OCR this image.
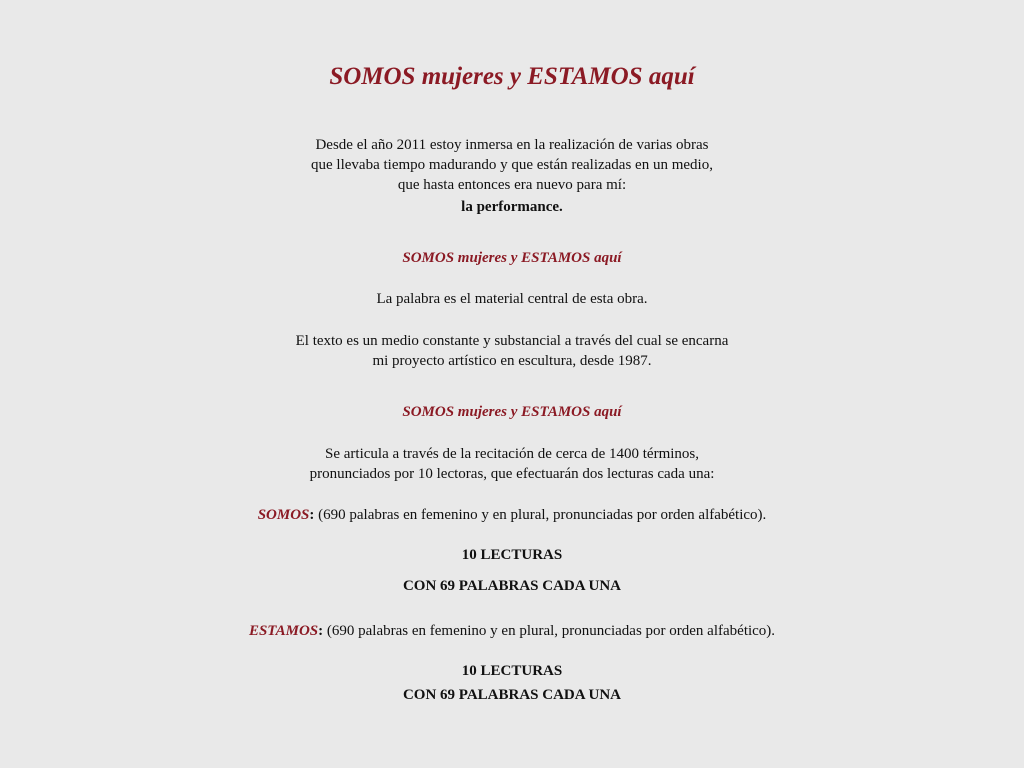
SOMOS mujeres y ESTAMOS aquí
Desde el año 2011 estoy inmersa en la realización de varias obras
que llevaba tiempo madurando y que están realizadas en un medio,
que hasta entonces era nuevo para mí:
la performance.
SOMOS mujeres y ESTAMOS aquí
La palabra es el material central de esta obra.
El texto es un medio constante y substancial a través del cual se encarna
mi proyecto artístico en escultura, desde 1987.
SOMOS mujeres y ESTAMOS aquí
Se articula a través de la recitación de cerca de 1400 términos,
pronunciados por 10 lectoras, que efectuarán dos lecturas cada una:
SOMOS: (690 palabras en femenino y en plural, pronunciadas por orden alfabético).
10 LECTURAS
CON 69 PALABRAS CADA UNA
ESTAMOS: (690 palabras en femenino y en plural, pronunciadas por orden alfabético).
10 LECTURAS
CON 69 PALABRAS CADA UNA
